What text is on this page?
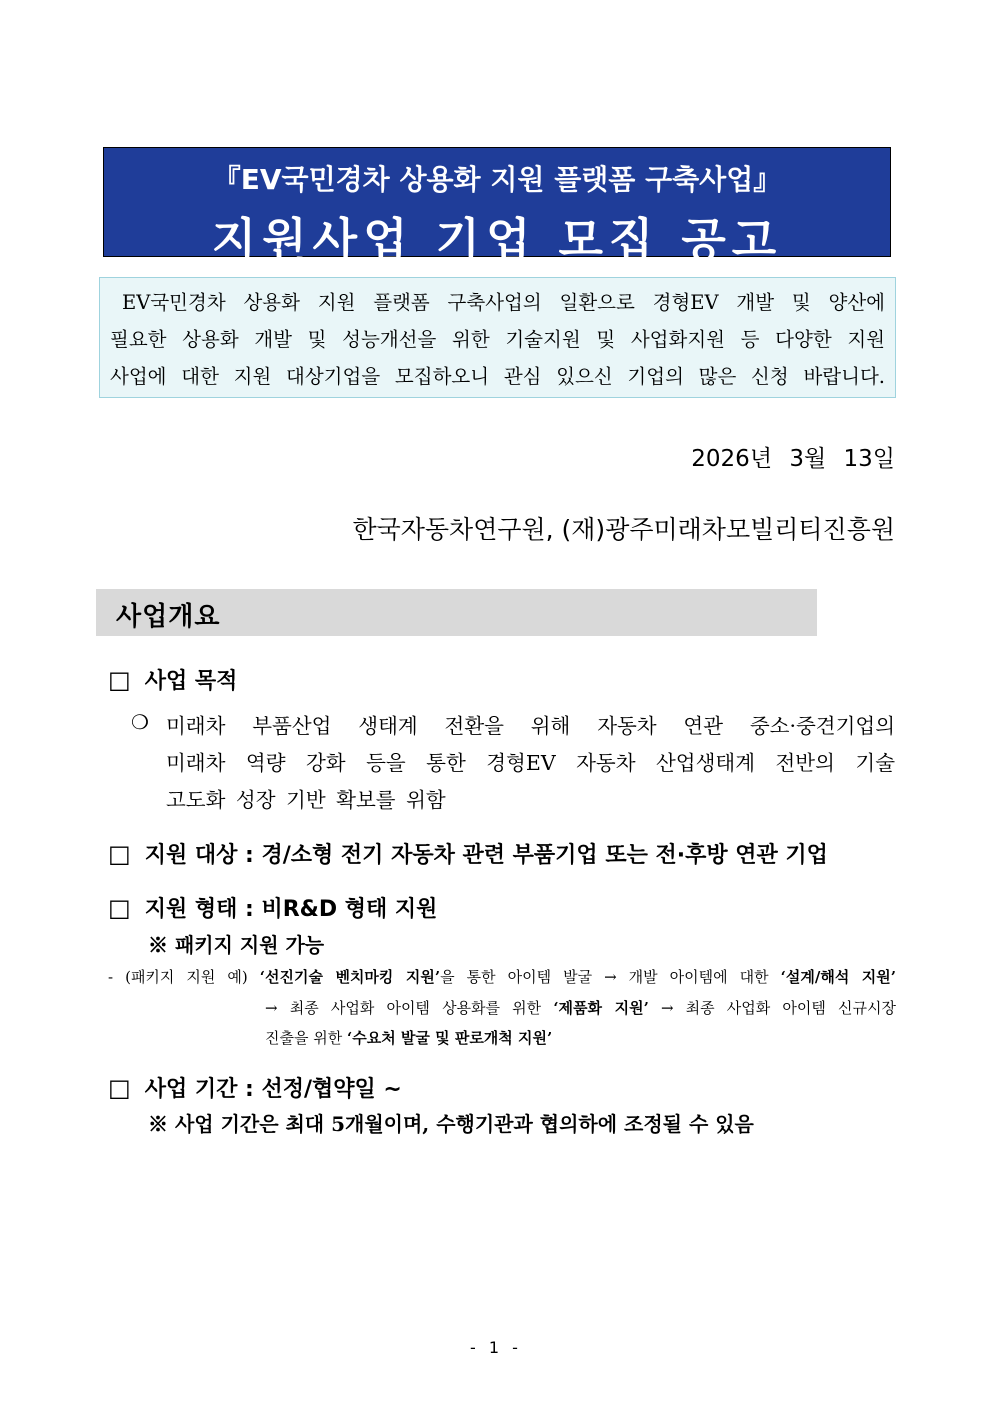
『EV국민경차 상용화 지원 플랫폼 구축사업』
지원사업 기업 모집 공고
EV국민경차 상용화 지원 플랫폼 구축사업의 일환으로 경형EV 개발 및 양산에
필요한 상용화 개발 및 성능개선을 위한 기술지원 및 사업화지원 등 다양한 지원
사업에 대한 지원 대상기업을 모집하오니 관심 있으신 기업의 많은 신청 바랍니다.
2026년 3월 13일
한국자동차연구원, (재)광주미래차모빌리티진흥원
사업개요
□ 사업 목적
❍ 미래차 부품산업 생태계 전환을 위해 자동차 연관 중소·중견기업의
미래차 역량 강화 등을 통한 경형EV 자동차 산업생태계 전반의 기술
고도화 성장 기반 확보를 위함
□ 지원 대상 : 경/소형 전기 자동차 관련 부품기업 또는 전·후방 연관 기업
□ 지원 형태 : 비R&D 형태 지원
※ 패키지 지원 가능
- (패키지 지원 예) ‘선진기술 벤치마킹 지원’을 통한 아이템 발굴 → 개발 아이템에 대한 ‘설계/해석 지원’
→ 최종 사업화 아이템 상용화를 위한 ‘제품화 지원’ → 최종 사업화 아이템 신규시장
진출을 위한 ‘수요처 발굴 및 판로개척 지원’
□ 사업 기간 : 선정/협약일 ~
※ 사업 기간은 최대 5개월이며, 수행기관과 협의하에 조정될 수 있음
- 1 -
